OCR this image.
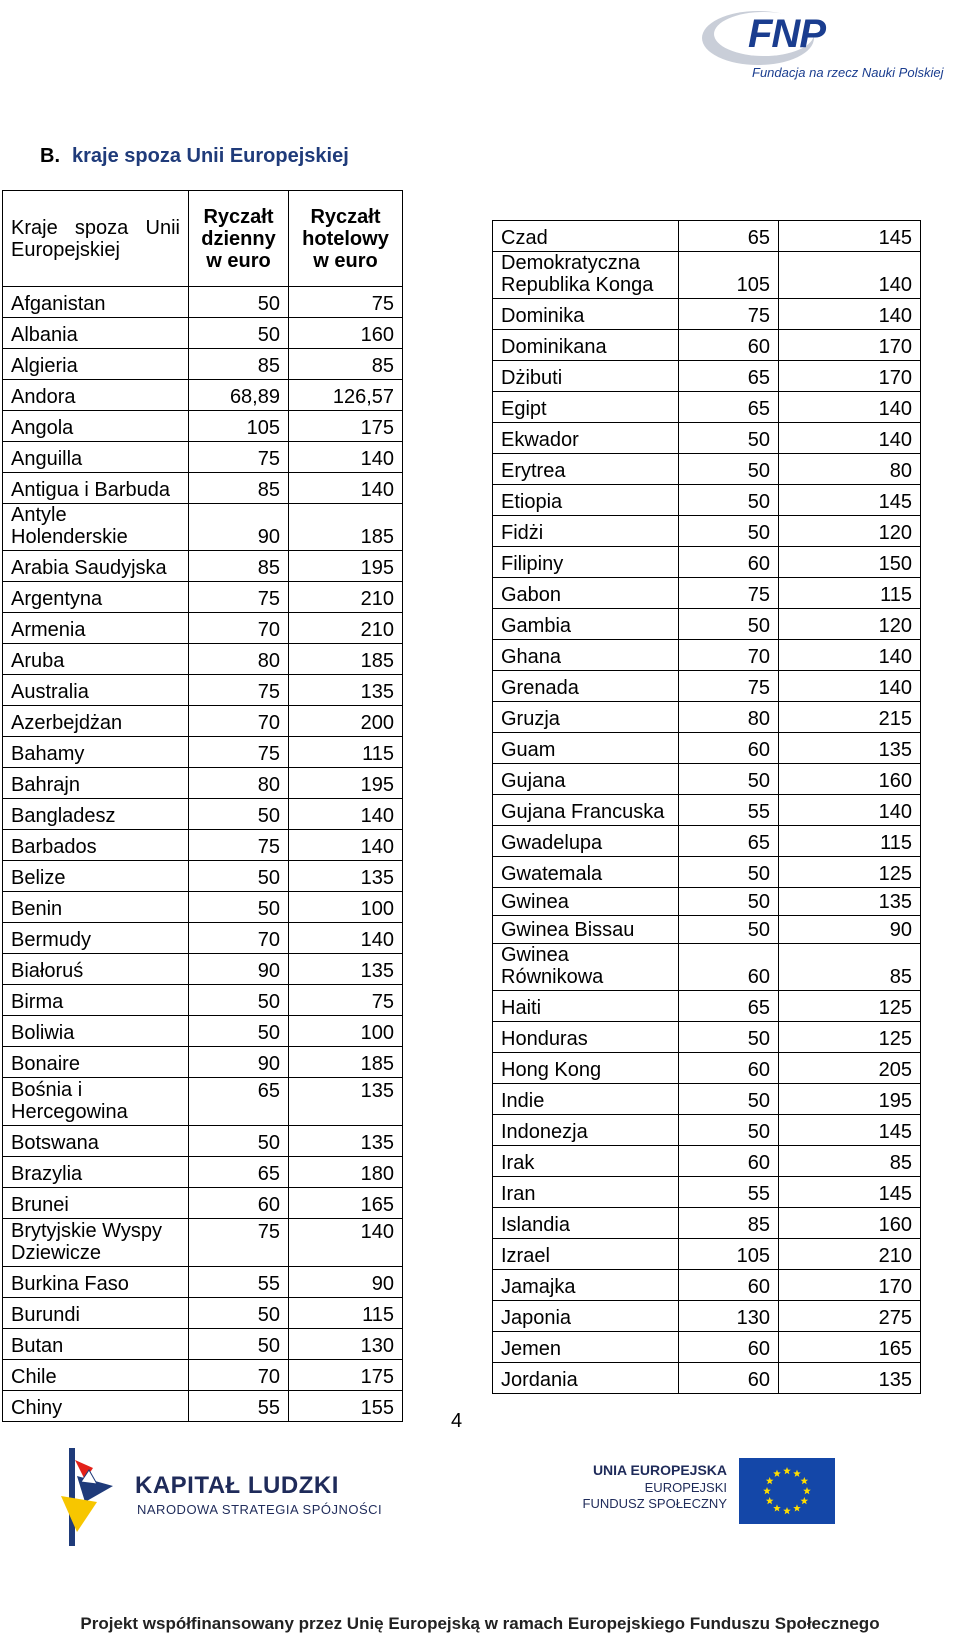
FNP
Fundacja na rzecz Nauki Polskiej
B. kraje spoza Unii Europejskiej
Kraje spoza Unii Europejskiej	Ryczałt dzienny w euro	Ryczałt hotelowy w euro
Afganistan	50	75
Albania	50	160
Algieria	85	85
Andora	68,89	126,57
Angola	105	175
Anguilla	75	140
Antigua i Barbuda	85	140
Antyle Holenderskie	90	185
Arabia Saudyjska	85	195
Argentyna	75	210
Armenia	70	210
Aruba	80	185
Australia	75	135
Azerbejdżan	70	200
Bahamy	75	115
Bahrajn	80	195
Bangladesz	50	140
Barbados	75	140
Belize	50	135
Benin	50	100
Bermudy	70	140
Białoruś	90	135
Birma	50	75
Boliwia	50	100
Bonaire	90	185
Bośnia i Hercegowina	65	135
Botswana	50	135
Brazylia	65	180
Brunei	60	165
Brytyjskie Wyspy Dziewicze	75	140
Burkina Faso	55	90
Burundi	50	115
Butan	50	130
Chile	70	175
Chiny	55	155
Czad	65	145
Demokratyczna Republika Konga	105	140
Dominika	75	140
Dominikana	60	170
Dżibuti	65	170
Egipt	65	140
Ekwador	50	140
Erytrea	50	80
Etiopia	50	145
Fidżi	50	120
Filipiny	60	150
Gabon	75	115
Gambia	50	120
Ghana	70	140
Grenada	75	140
Gruzja	80	215
Guam	60	135
Gujana	50	160
Gujana Francuska	55	140
Gwadelupa	65	115
Gwatemala	50	125
Gwinea	50	135
Gwinea Bissau	50	90
Gwinea Równikowa	60	85
Haiti	65	125
Honduras	50	125
Hong Kong	60	205
Indie	50	195
Indonezja	50	145
Irak	60	85
Iran	55	145
Islandia	85	160
Izrael	105	210
Jamajka	60	170
Japonia	130	275
Jemen	60	165
Jordania	60	135
4
KAPITAŁ LUDZKI
NARODOWA STRATEGIA SPÓJNOŚCI
UNIA EUROPEJSKA
EUROPEJSKI
FUNDUSZ SPOŁECZNY
Projekt współfinansowany przez Unię Europejską w ramach Europejskiego Funduszu Społecznego
